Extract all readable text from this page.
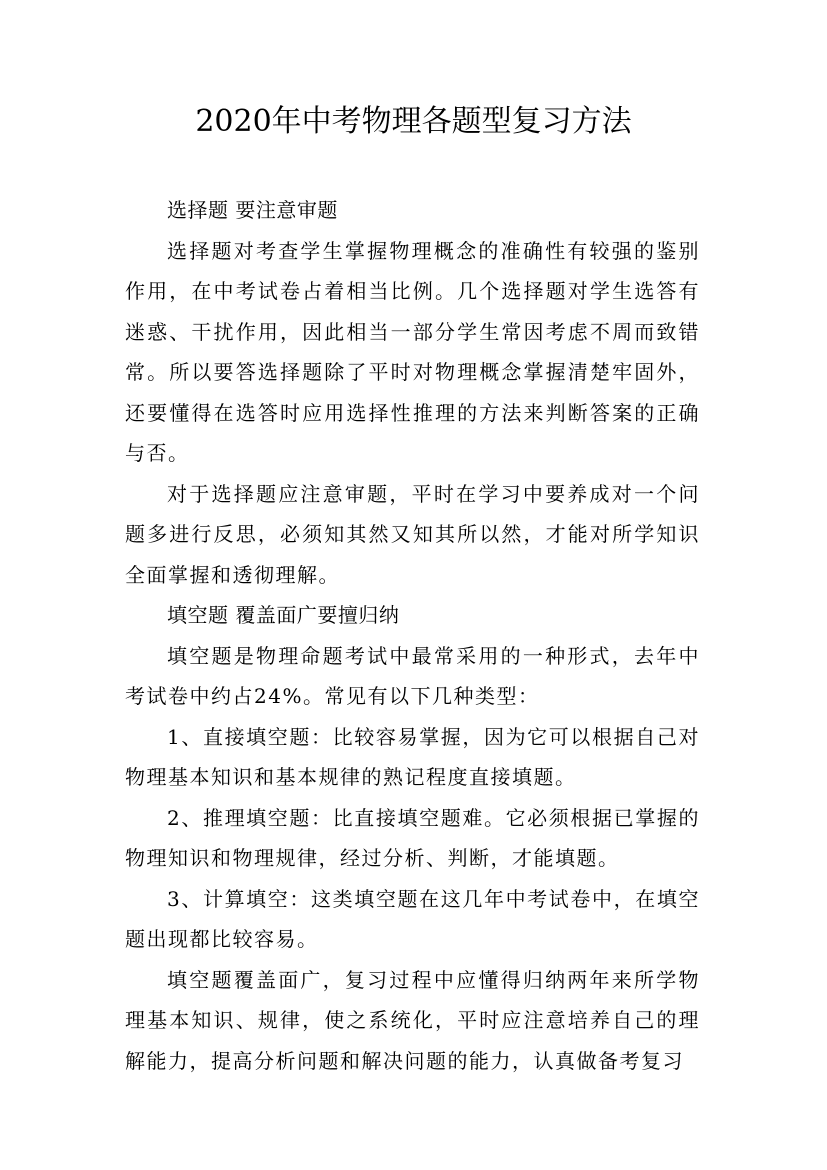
2020年中考物理各题型复习方法

选择题 要注意审题

选择题对考查学生掌握物理概念的准确性有较强的鉴别作用，在中考试卷占着相当比例。几个选择题对学生选答有迷惑、干扰作用，因此相当一部分学生常因考虑不周而致错常。所以要答选择题除了平时对物理概念掌握清楚牢固外，还要懂得在选答时应用选择性推理的方法来判断答案的正确与否。

对于选择题应注意审题，平时在学习中要养成对一个问题多进行反思，必须知其然又知其所以然，才能对所学知识全面掌握和透彻理解。

填空题 覆盖面广要擅归纳

填空题是物理命题考试中最常采用的一种形式，去年中考试卷中约占24%。常见有以下几种类型：

1、直接填空题：比较容易掌握，因为它可以根据自己对物理基本知识和基本规律的熟记程度直接填题。

2、推理填空题：比直接填空题难。它必须根据已掌握的物理知识和物理规律，经过分析、判断，才能填题。

3、计算填空：这类填空题在这几年中考试卷中，在填空题出现都比较容易。

填空题覆盖面广，复习过程中应懂得归纳两年来所学物理基本知识、规律，使之系统化，平时应注意培养自己的理解能力，提高分析问题和解决问题的能力，认真做备考复习
